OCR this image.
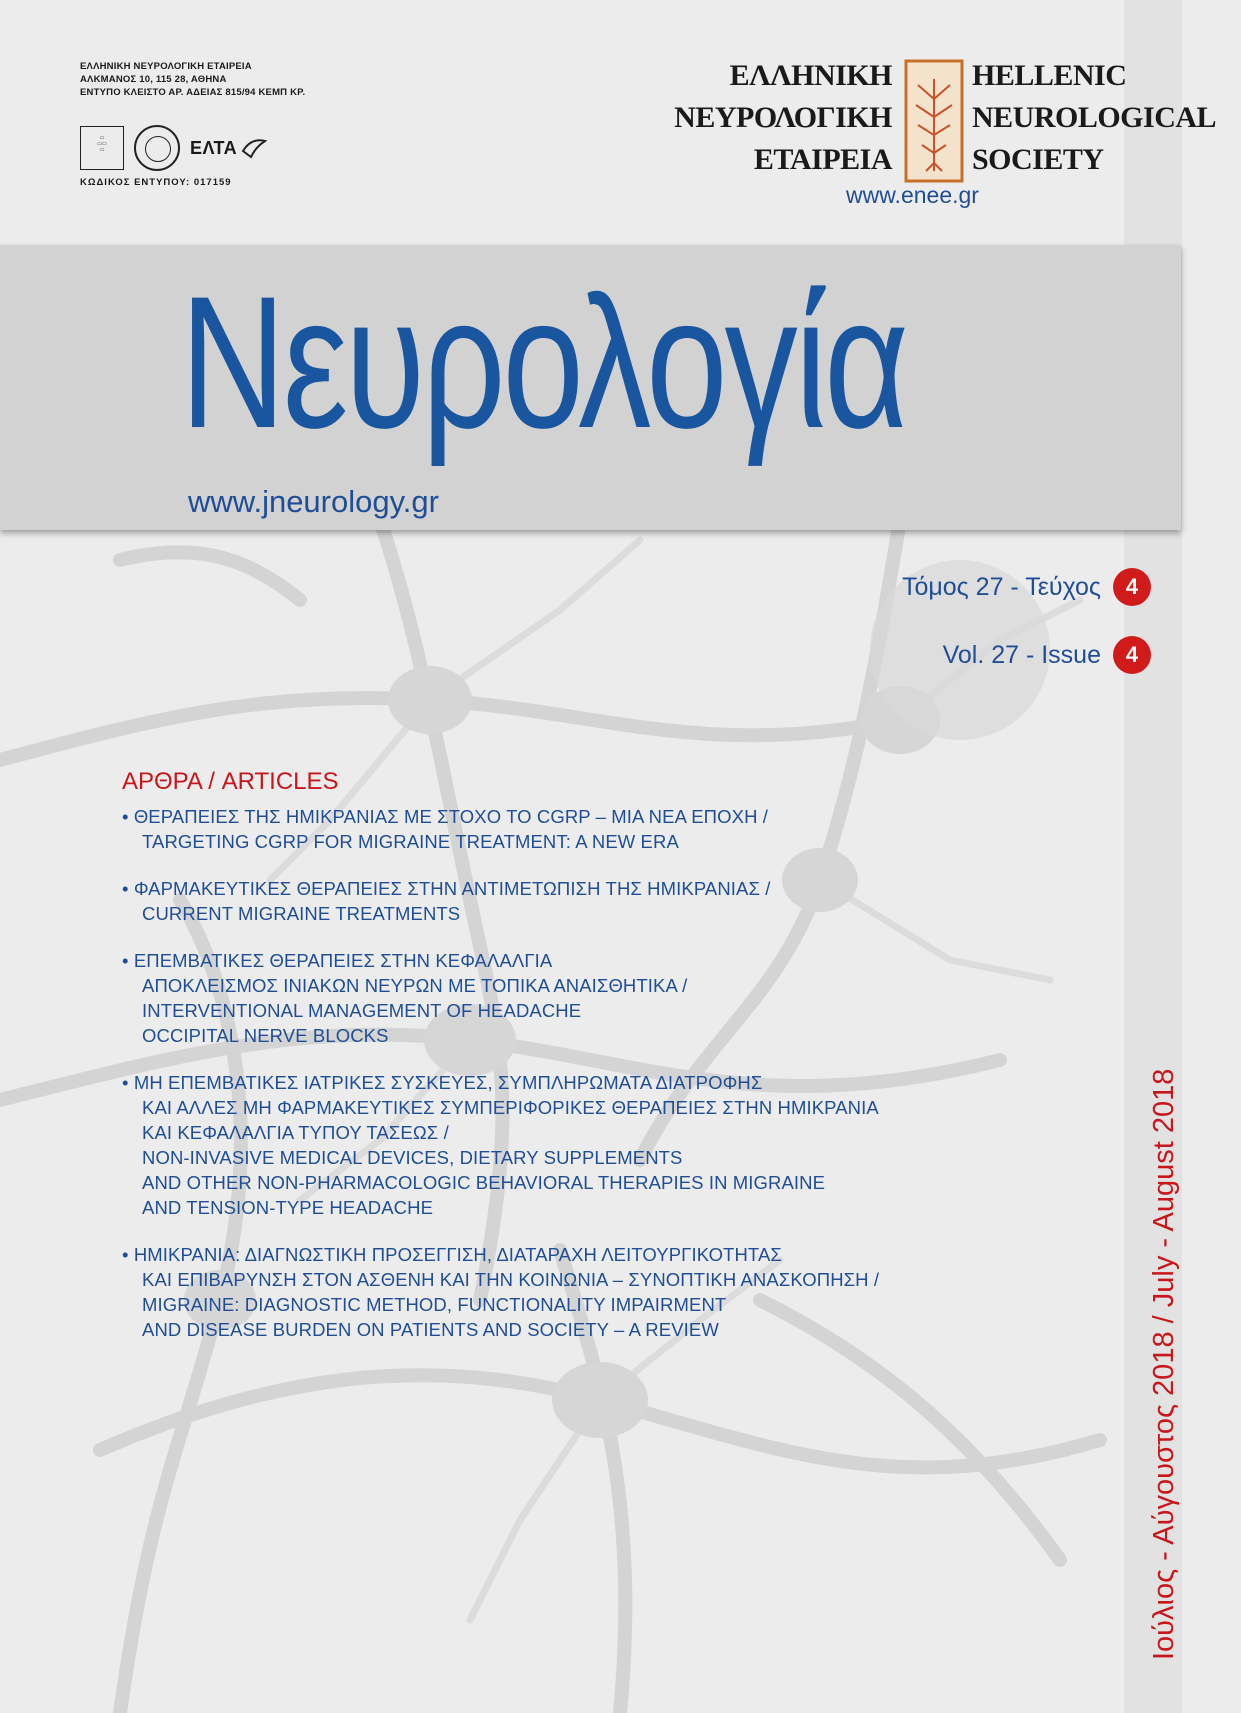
ΕΛΛΗΝΙΚΗ ΝΕΥΡΟΛΟΓΙΚΗ ΕΤΑΙΡΕΙΑ
ΑΛΚΜΑΝΟΣ 10, 115 28, ΑΘΗΝΑ
ΕΝΤΥΠΟ ΚΛΕΙΣΤΟ ΑΡ. ΑΔΕΙΑΣ 815/94 ΚΕΜΠ ΚΡ.
▭
▭▭
▭	ΕΛΤΑ
ΚΩΔΙΚΟΣ ΕΝΤΥΠΟΥ: 017159
ΕΛΛΗΝΙΚΗ
ΝΕΥΡΟΛΟΓΙΚΗ
ΕΤΑΙΡΕΙΑ
HELLENIC
NEUROLOGICAL
SOCIETY
www.enee.gr
Νευρολογία
www.jneurology.gr
Τόμος 27 - Τεύχος	4
Vol. 27 - Issue	4
ΑΡΘΡΑ / ARTICLES
• ΘΕΡΑΠΕΙΕΣ ΤΗΣ ΗΜΙΚΡΑΝΙΑΣ ΜΕ ΣΤΟΧΟ ΤΟ CGRP – ΜΙΑ ΝΕΑ ΕΠΟΧΗ /
TARGETING CGRP FOR MIGRAINE TREATMENT: A NEW ERA
• ΦΑΡΜΑΚΕΥΤΙΚΕΣ ΘΕΡΑΠΕΙΕΣ ΣΤΗΝ ΑΝΤΙΜΕΤΩΠΙΣΗ ΤΗΣ ΗΜΙΚΡΑΝΙΑΣ /
CURRENT MIGRAINE TREATMENTS
• ΕΠΕΜΒΑΤΙΚΕΣ ΘΕΡΑΠΕΙΕΣ ΣΤΗΝ ΚΕΦΑΛΑΛΓΙΑ
ΑΠΟΚΛΕΙΣΜΟΣ ΙΝΙΑΚΩΝ ΝΕΥΡΩΝ ΜΕ ΤΟΠΙΚΑ ΑΝΑΙΣΘΗΤΙΚΑ /
INTERVENTIONAL MANAGEMENT OF HEADACHE
OCCIPITAL NERVE BLOCKS
• ΜΗ ΕΠΕΜΒΑΤΙΚΕΣ ΙΑΤΡΙΚΕΣ ΣΥΣΚΕΥΕΣ, ΣΥΜΠΛΗΡΩΜΑΤΑ ΔΙΑΤΡΟΦΗΣ
ΚΑΙ ΑΛΛΕΣ ΜΗ ΦΑΡΜΑΚΕΥΤΙΚΕΣ ΣΥΜΠΕΡΙΦΟΡΙΚΕΣ ΘΕΡΑΠΕΙΕΣ ΣΤΗΝ ΗΜΙΚΡΑΝΙΑ
ΚΑΙ ΚΕΦΑΛΑΛΓΙΑ ΤΥΠΟΥ ΤΑΣΕΩΣ /
NON-INVASIVE MEDICAL DEVICES, DIETARY SUPPLEMENTS
AND OTHER NON-PHARMACOLOGIC BEHAVIORAL THERAPIES IN MIGRAINE
AND TENSION-TYPE HEADACHE
• ΗΜΙΚΡΑΝΙΑ: ΔΙΑΓΝΩΣΤΙΚΗ ΠΡΟΣΕΓΓΙΣΗ, ΔΙΑΤΑΡΑΧΗ ΛΕΙΤΟΥΡΓΙΚΟΤΗΤΑΣ
ΚΑΙ ΕΠΙΒΑΡΥΝΣΗ ΣΤΟΝ ΑΣΘΕΝΗ ΚΑΙ ΤΗΝ ΚΟΙΝΩΝΙΑ – ΣΥΝΟΠΤΙΚΗ ΑΝΑΣΚΟΠΗΣΗ /
MIGRAINE: DIAGNOSTIC METHOD, FUNCTIONALITY IMPAIRMENT
AND DISEASE BURDEN ON PATIENTS AND SOCIETY – A REVIEW	Ιούλιος - Αύγουστος 2018 / July - August 2018
